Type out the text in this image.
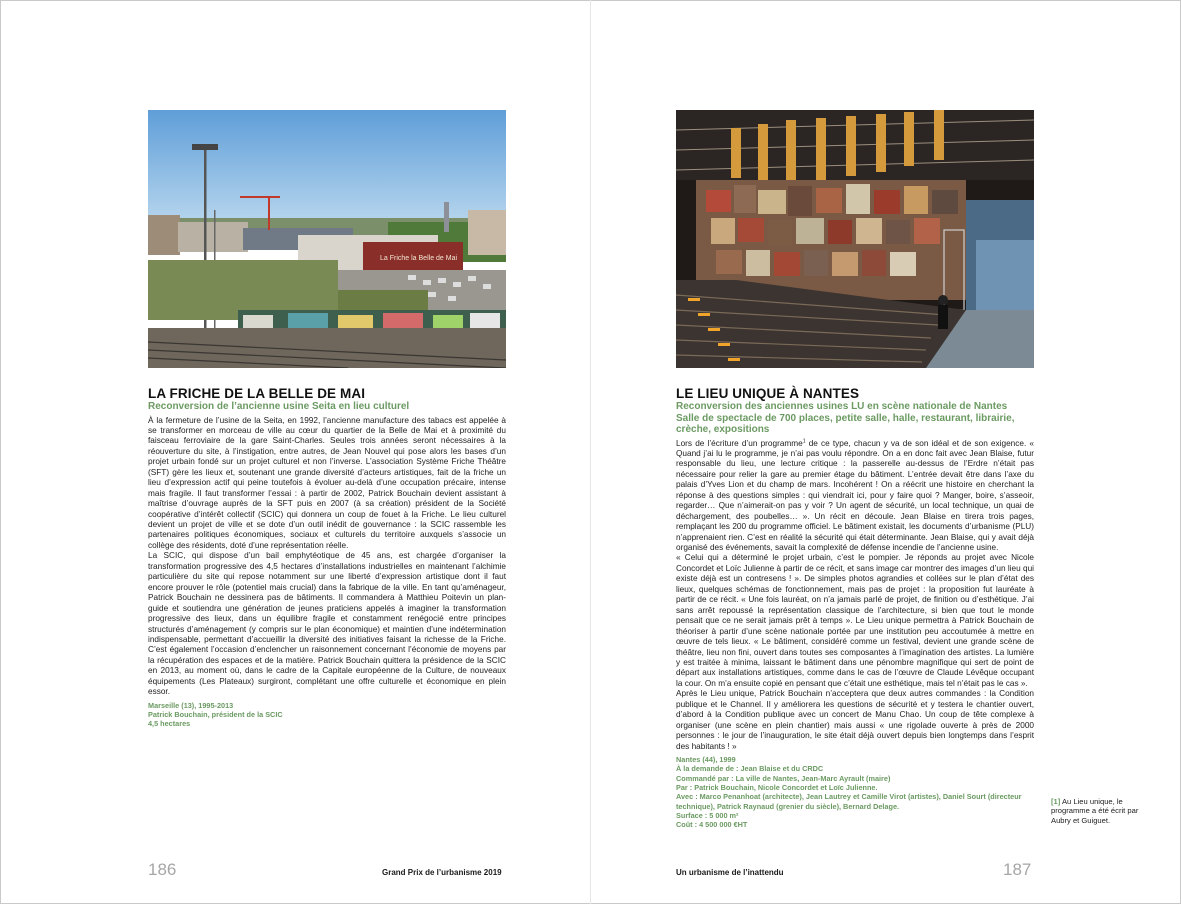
La Friche la Belle de Mai
LA FRICHE DE LA BELLE DE MAI
Reconversion de l’ancienne usine Seita en lieu culturel

À la fermeture de l’usine de la Seita, en 1992, l’ancienne manufacture des tabacs est appelée à se transformer en morceau de ville au cœur du quartier de la Belle de Mai et à proximité du faisceau ferroviaire de la gare Saint-Charles. Seules trois années seront nécessaires à la réouverture du site, à l’instigation, entre autres, de Jean Nouvel qui pose alors les bases d’un projet urbain fondé sur un projet culturel et non l’inverse. L’association Système Friche Théâtre (SFT) gère les lieux et, soutenant une grande diversité d’acteurs artistiques, fait de la friche un lieu d’expression actif qui peine toutefois à évoluer au-delà d’une occupation précaire, intense mais fragile. Il faut transformer l’essai : à partir de 2002, Patrick Bouchain devient assistant à maîtrise d’ouvrage auprès de la SFT puis en 2007 (à sa création) président de la Société coopérative d’intérêt collectif (SCIC) qui donnera un coup de fouet à la Friche. Le lieu culturel devient un projet de ville et se dote d’un outil inédit de gouvernance : la SCIC rassemble les partenaires politiques économiques, sociaux et culturels du territoire auxquels s’associe un collège des résidents, doté d’une représentation réelle.

La SCIC, qui dispose d’un bail emphytéotique de 45 ans, est chargée d’organiser la transformation progressive des 4,5 hectares d’installations industrielles en maintenant l’alchimie particulière du site qui repose notamment sur une liberté d’expression artistique dont il faut encore prouver le rôle (potentiel mais crucial) dans la fabrique de la ville. En tant qu’aménageur, Patrick Bouchain ne dessinera pas de bâtiments. Il commandera à Matthieu Poitevin un plan-guide et soutiendra une génération de jeunes praticiens appelés à imaginer la transformation progressive des lieux, dans un équilibre fragile et constamment renégocié entre principes structurés d’aménagement (y compris sur le plan économique) et maintien d’une indétermination indispensable, permettant d’accueillir la diversité des initiatives faisant la richesse de la Friche. C’est également l’occasion d’enclencher un raisonnement concernant l’économie de moyens par la récupération des espaces et de la matière. Patrick Bouchain quittera la présidence de la SCIC en 2013, au moment où, dans le cadre de la Capitale européenne de la Culture, de nouveaux équipements (Les Plateaux) surgiront, complétant une offre culturelle et économique en plein essor.

Marseille (13), 1995-2013
Patrick Bouchain, président de la SCIC
4,5 hectares
LE LIEU UNIQUE À NANTES
Reconversion des anciennes usines LU en scène nationale de Nantes
Salle de spectacle de 700 places, petite salle, halle, restaurant, librairie,
crèche, expositions

Lors de l’écriture d’un programme$^1$ de ce type, chacun y va de son idéal et de son exigence. « Quand j’ai lu le programme, je n’ai pas voulu répondre. On a en donc fait avec Jean Blaise, futur responsable du lieu, une lecture critique : la passerelle au-dessus de l’Erdre n’était pas nécessaire pour relier la gare au premier étage du bâtiment. L’entrée devait être dans l’axe du palais d’Yves Lion et du champ de mars. Incohérent ! On a réécrit une histoire en cherchant la réponse à des questions simples : qui viendrait ici, pour y faire quoi ? Manger, boire, s’asseoir, regarder… Que n’aimerait-on pas y voir ? Un agent de sécurité, un local technique, un quai de déchargement, des poubelles… ». Un récit en découle. Jean Blaise en tirera trois pages, remplaçant les 200 du programme officiel. Le bâtiment existait, les documents d’urbanisme (PLU) n’apprenaient rien. C’est en réalité la sécurité qui était déterminante. Jean Blaise, qui y avait déjà organisé des événements, savait la complexité de défense incendie de l’ancienne usine.

« Celui qui a déterminé le projet urbain, c’est le pompier. Je réponds au projet avec Nicole Concordet et Loïc Julienne à partir de ce récit, et sans image car montrer des images d’un lieu qui existe déjà est un contresens ! ». De simples photos agrandies et collées sur le plan d’état des lieux, quelques schémas de fonctionnement, mais pas de projet : la proposition fut lauréate à partir de ce récit. « Une fois lauréat, on n’a jamais parlé de projet, de finition ou d’esthétique. J’ai sans arrêt repoussé la représentation classique de l’architecture, si bien que tout le monde pensait que ce ne serait jamais prêt à temps ». Le Lieu unique permettra à Patrick Bouchain de théoriser à partir d’une scène nationale portée par une institution peu accoutumée à mettre en œuvre de tels lieux. « Le bâtiment, considéré comme un festival, devient une grande scène de théâtre, lieu non fini, ouvert dans toutes ses composantes à l’imagination des artistes. La lumière y est traitée à minima, laissant le bâtiment dans une pénombre magnifique qui sert de point de départ aux installations artistiques, comme dans le cas de l’œuvre de Claude Lévêque occupant la cour. On m’a ensuite copié en pensant que c’était une esthétique, mais tel n’était pas le cas ».

Après le Lieu unique, Patrick Bouchain n’acceptera que deux autres commandes : la Condition publique et le Channel. Il y améliorera les questions de sécurité et y testera le chantier ouvert, d’abord à la Condition publique avec un concert de Manu Chao. Un coup de tête complexe à organiser (une scène en plein chantier) mais aussi « une rigolade ouverte à près de 2000 personnes : le jour de l’inauguration, le site était déjà ouvert depuis bien longtemps dans l’esprit des habitants ! »

Nantes (44), 1999
À la demande de : Jean Blaise et du CRDC
Commandé par : La ville de Nantes, Jean-Marc Ayrault (maire)
Par : Patrick Bouchain, Nicole Concordet et Loïc Julienne.
Avec : Marco Penanhoat (architecte), Jean Lautrey et Camille Virot (artistes), Daniel Sourt (directeur
technique), Patrick Raynaud (grenier du siècle), Bernard Delage.
Surface : 5 000 m²
Coût : 4 500 000 €HT
[1] Au Lieu unique, le programme a été écrit par Aubry et Guiguet.
186	Grand Prix de l’urbanisme 2019	Un urbanisme de l’inattendu	187
